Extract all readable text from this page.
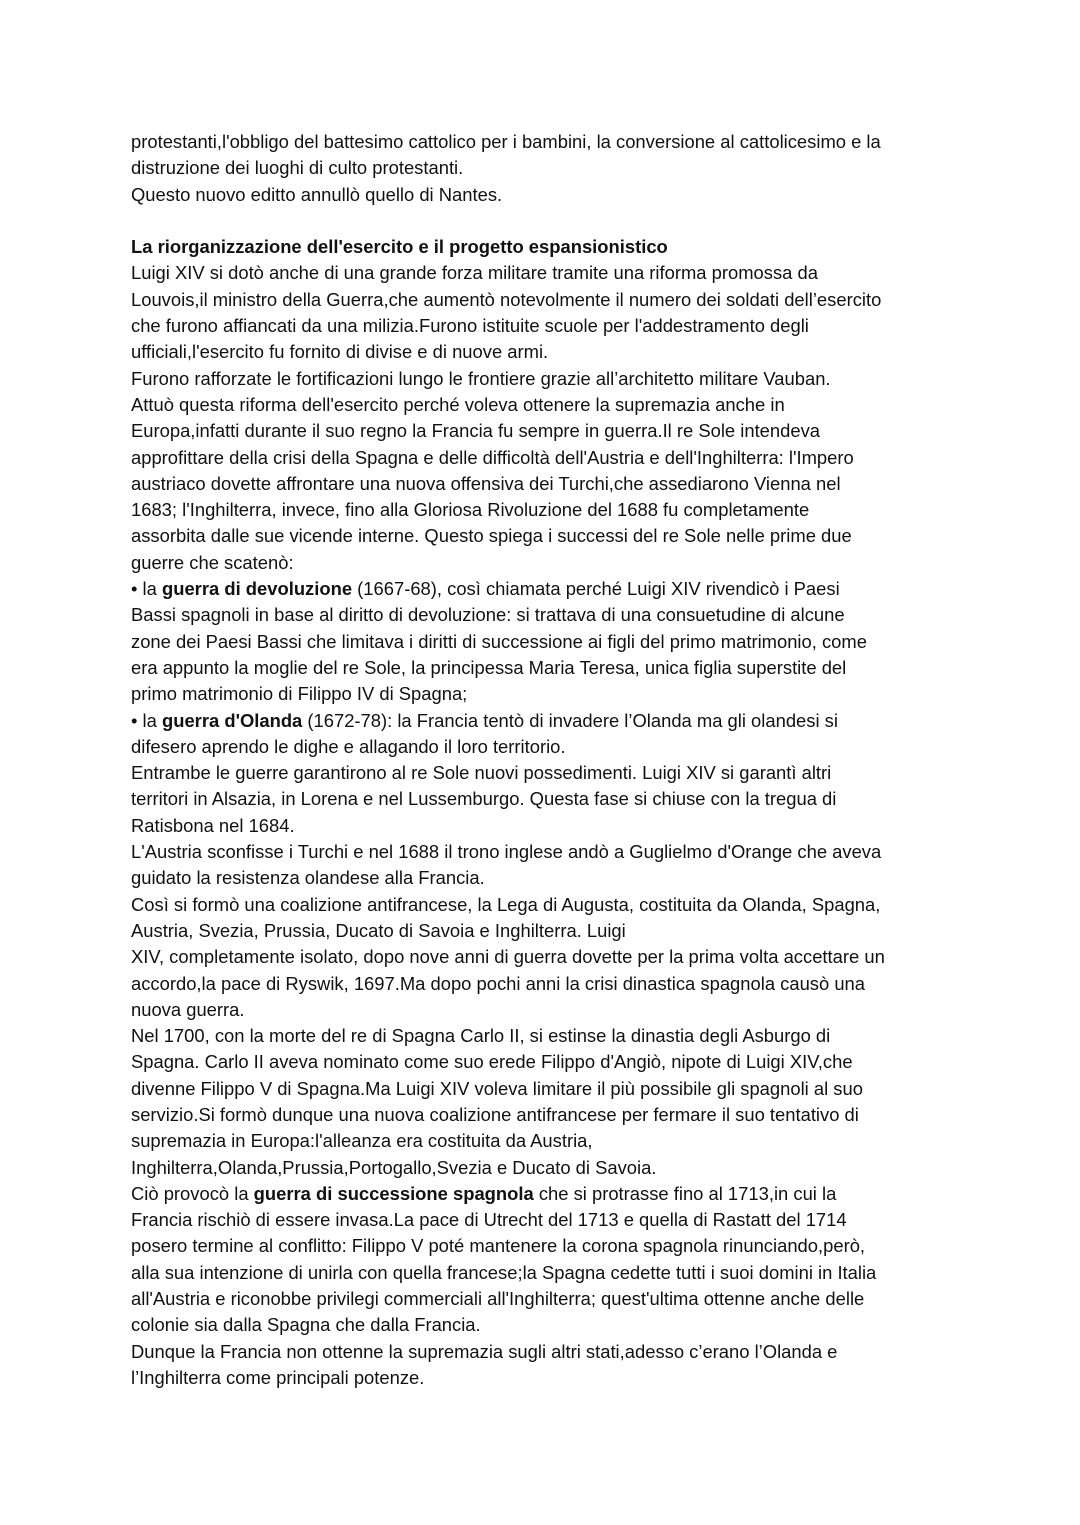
protestanti,l'obbligo del battesimo cattolico per i bambini, la conversione al cattolicesimo e la
distruzione dei luoghi di culto protestanti.
Questo nuovo editto annullò quello di Nantes.
La riorganizzazione dell'esercito e il progetto espansionistico
Luigi XIV si dotò anche di una grande forza militare tramite una riforma promossa da
Louvois,il ministro della Guerra,che aumentò notevolmente il numero dei soldati dell’esercito
che furono affiancati da una milizia.Furono istituite scuole per l'addestramento degli
ufficiali,l'esercito fu fornito di divise e di nuove armi.
Furono rafforzate le fortificazioni lungo le frontiere grazie all’architetto militare Vauban.
Attuò questa riforma dell'esercito perché voleva ottenere la supremazia anche in
Europa,infatti durante il suo regno la Francia fu sempre in guerra.Il re Sole intendeva
approfittare della crisi della Spagna e delle difficoltà dell'Austria e dell'Inghilterra: l'Impero
austriaco dovette affrontare una nuova offensiva dei Turchi,che assediarono Vienna nel
1683; l'Inghilterra, invece, fino alla Gloriosa Rivoluzione del 1688 fu completamente
assorbita dalle sue vicende interne. Questo spiega i successi del re Sole nelle prime due
guerre che scatenò:
• la guerra di devoluzione (1667-68), così chiamata perché Luigi XIV rivendicò i Paesi
Bassi spagnoli in base al diritto di devoluzione: si trattava di una consuetudine di alcune
zone dei Paesi Bassi che limitava i diritti di successione ai figli del primo matrimonio, come
era appunto la moglie del re Sole, la principessa Maria Teresa, unica figlia superstite del
primo matrimonio di Filippo IV di Spagna;
• la guerra d'Olanda (1672-78): la Francia tentò di invadere l’Olanda ma gli olandesi si
difesero aprendo le dighe e allagando il loro territorio.
Entrambe le guerre garantirono al re Sole nuovi possedimenti. Luigi XIV si garantì altri
territori in Alsazia, in Lorena e nel Lussemburgo. Questa fase si chiuse con la tregua di
Ratisbona nel 1684.
L'Austria sconfisse i Turchi e nel 1688 il trono inglese andò a Guglielmo d'Orange che aveva
guidato la resistenza olandese alla Francia.
Così si formò una coalizione antifrancese, la Lega di Augusta, costituita da Olanda, Spagna,
Austria, Svezia, Prussia, Ducato di Savoia e Inghilterra. Luigi
XIV, completamente isolato, dopo nove anni di guerra dovette per la prima volta accettare un
accordo,la pace di Ryswik, 1697.Ma dopo pochi anni la crisi dinastica spagnola causò una
nuova guerra.
Nel 1700, con la morte del re di Spagna Carlo II, si estinse la dinastia degli Asburgo di
Spagna. Carlo II aveva nominato come suo erede Filippo d'Angiò, nipote di Luigi XIV,che
divenne Filippo V di Spagna.Ma Luigi XIV voleva limitare il più possibile gli spagnoli al suo
servizio.Si formò dunque una nuova coalizione antifrancese per fermare il suo tentativo di
supremazia in Europa:l'alleanza era costituita da Austria,
Inghilterra,Olanda,Prussia,Portogallo,Svezia e Ducato di Savoia.
Ciò provocò la guerra di successione spagnola che si protrasse fino al 1713,in cui la
Francia rischiò di essere invasa.La pace di Utrecht del 1713 e quella di Rastatt del 1714
posero termine al conflitto: Filippo V poté mantenere la corona spagnola rinunciando,però,
alla sua intenzione di unirla con quella francese;la Spagna cedette tutti i suoi domini in Italia
all'Austria e riconobbe privilegi commerciali all'Inghilterra; quest'ultima ottenne anche delle
colonie sia dalla Spagna che dalla Francia.
Dunque la Francia non ottenne la supremazia sugli altri stati,adesso c’erano l’Olanda e
l’Inghilterra come principali potenze.
